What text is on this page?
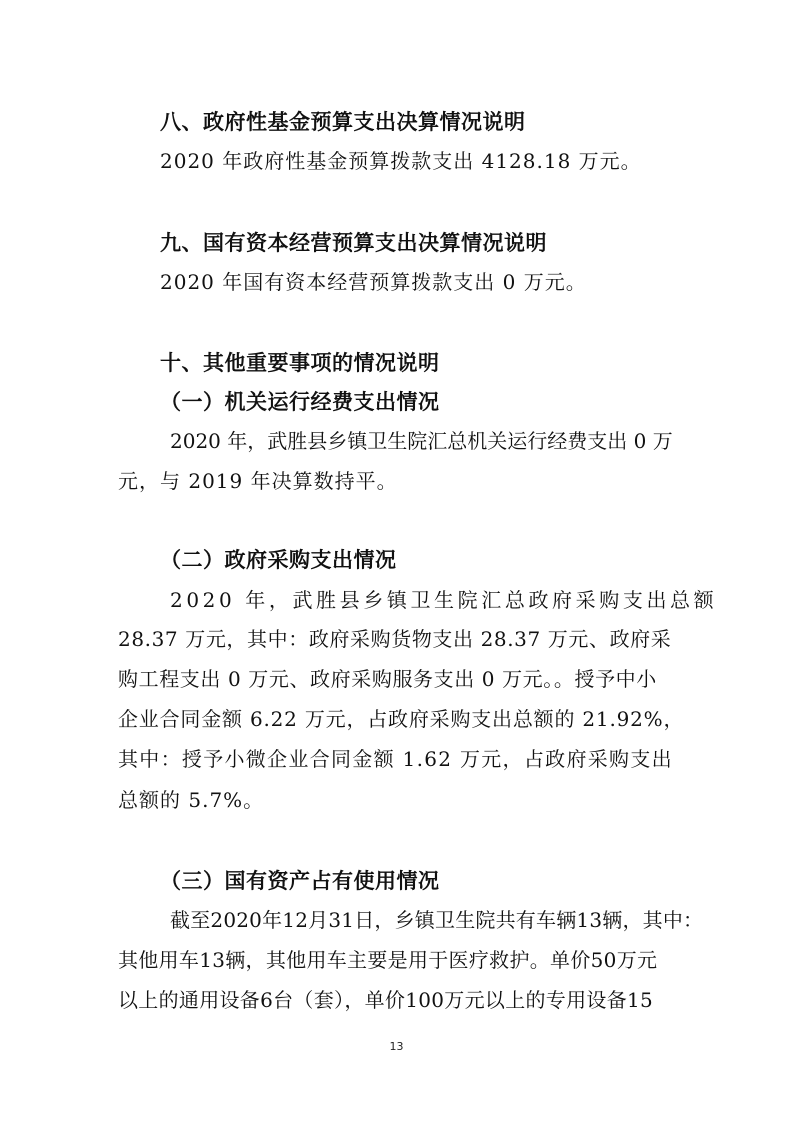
八、政府性基金预算支出决算情况说明
2020 年政府性基金预算拨款支出 4128.18 万元。
九、国有资本经营预算支出决算情况说明
2020 年国有资本经营预算拨款支出 0 万元。
十、其他重要事项的情况说明
（一）机关运行经费支出情况
2020 年，武胜县乡镇卫生院汇总机关运行经费支出 0 万
元，与 2019 年决算数持平。
（二）政府采购支出情况
2020 年，武胜县乡镇卫生院汇总政府采购支出总额
28.37 万元，其中：政府采购货物支出 28.37 万元、政府采
购工程支出 0 万元、政府采购服务支出 0 万元。。授予中小
企业合同金额 6.22 万元，占政府采购支出总额的 21.92%，
其中：授予小微企业合同金额 1.62 万元，占政府采购支出
总额的 5.7%。
（三）国有资产占有使用情况
截至2020年12月31日，乡镇卫生院共有车辆13辆，其中：
其他用车13辆，其他用车主要是用于医疗救护。单价50万元
以上的通用设备6台（套），单价100万元以上的专用设备15
13
